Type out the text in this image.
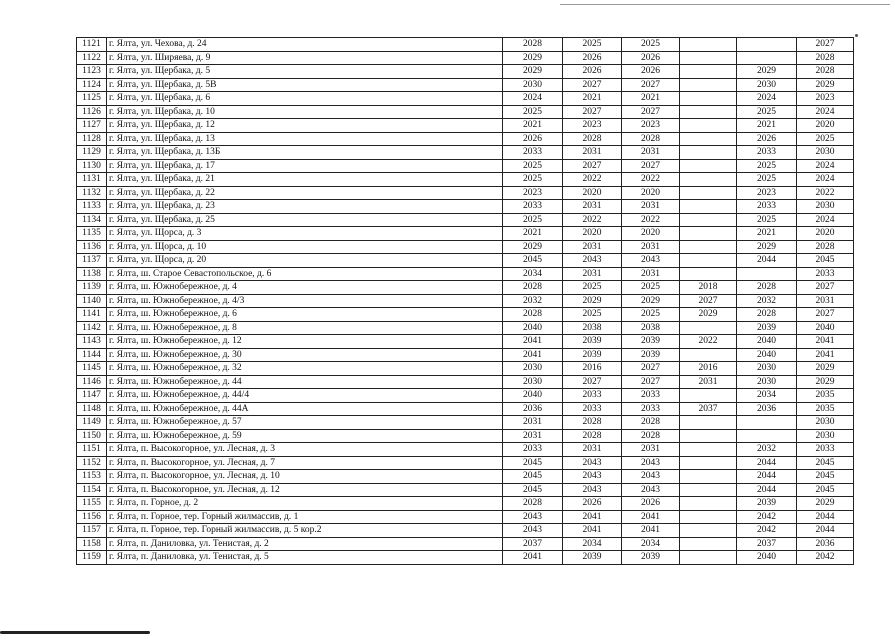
1121	г. Ялта, ул. Чехова, д. 24	2028	2025	2025			2027
1122	г. Ялта, ул. Ширяева, д. 9	2029	2026	2026			2028
1123	г. Ялта, ул. Щербака, д. 5	2029	2026	2026		2029	2028
1124	г. Ялта, ул. Щербака, д. 5В	2030	2027	2027		2030	2029
1125	г. Ялта, ул. Щербака, д. 6	2024	2021	2021		2024	2023
1126	г. Ялта, ул. Щербака, д. 10	2025	2027	2027		2025	2024
1127	г. Ялта, ул. Щербака, д. 12	2021	2023	2023		2021	2020
1128	г. Ялта, ул. Щербака, д. 13	2026	2028	2028		2026	2025
1129	г. Ялта, ул. Щербака, д. 13Б	2033	2031	2031		2033	2030
1130	г. Ялта, ул. Щербака, д. 17	2025	2027	2027		2025	2024
1131	г. Ялта, ул. Щербака, д. 21	2025	2022	2022		2025	2024
1132	г. Ялта, ул. Щербака, д. 22	2023	2020	2020		2023	2022
1133	г. Ялта, ул. Щербака, д. 23	2033	2031	2031		2033	2030
1134	г. Ялта, ул. Щербака, д. 25	2025	2022	2022		2025	2024
1135	г. Ялта, ул. Щорса, д. 3	2021	2020	2020		2021	2020
1136	г. Ялта, ул. Щорса, д. 10	2029	2031	2031		2029	2028
1137	г. Ялта, ул. Щорса, д. 20	2045	2043	2043		2044	2045
1138	г. Ялта, ш. Старое Севастопольское, д. 6	2034	2031	2031			2033
1139	г. Ялта, ш. Южнобережное, д. 4	2028	2025	2025	2018	2028	2027
1140	г. Ялта, ш. Южнобережное, д. 4/3	2032	2029	2029	2027	2032	2031
1141	г. Ялта, ш. Южнобережное, д. 6	2028	2025	2025	2029	2028	2027
1142	г. Ялта, ш. Южнобережное, д. 8	2040	2038	2038		2039	2040
1143	г. Ялта, ш. Южнобережное, д. 12	2041	2039	2039	2022	2040	2041
1144	г. Ялта, ш. Южнобережное, д. 30	2041	2039	2039		2040	2041
1145	г. Ялта, ш. Южнобережное, д. 32	2030	2016	2027	2016	2030	2029
1146	г. Ялта, ш. Южнобережное, д. 44	2030	2027	2027	2031	2030	2029
1147	г. Ялта, ш. Южнобережное, д. 44/4	2040	2033	2033		2034	2035
1148	г. Ялта, ш. Южнобережное, д. 44А	2036	2033	2033	2037	2036	2035
1149	г. Ялта, ш. Южнобережное, д. 57	2031	2028	2028			2030
1150	г. Ялта, ш. Южнобережное, д. 59	2031	2028	2028			2030
1151	г. Ялта, п. Высокогорное, ул. Лесная, д. 3	2033	2031	2031		2032	2033
1152	г. Ялта, п. Высокогорное, ул. Лесная, д. 7	2045	2043	2043		2044	2045
1153	г. Ялта, п. Высокогорное, ул. Лесная, д. 10	2045	2043	2043		2044	2045
1154	г. Ялта, п. Высокогорное, ул. Лесная, д. 12	2045	2043	2043		2044	2045
1155	г. Ялта, п. Горное, д. 2	2028	2026	2026		2039	2029
1156	г. Ялта, п. Горное, тер. Горный жилмассив, д. 1	2043	2041	2041		2042	2044
1157	г. Ялта, п. Горное, тер. Горный жилмассив, д. 5 кор.2	2043	2041	2041		2042	2044
1158	г. Ялта, п. Даниловка, ул. Тенистая, д. 2	2037	2034	2034		2037	2036
1159	г. Ялта, п. Даниловка, ул. Тенистая, д. 5	2041	2039	2039		2040	2042
